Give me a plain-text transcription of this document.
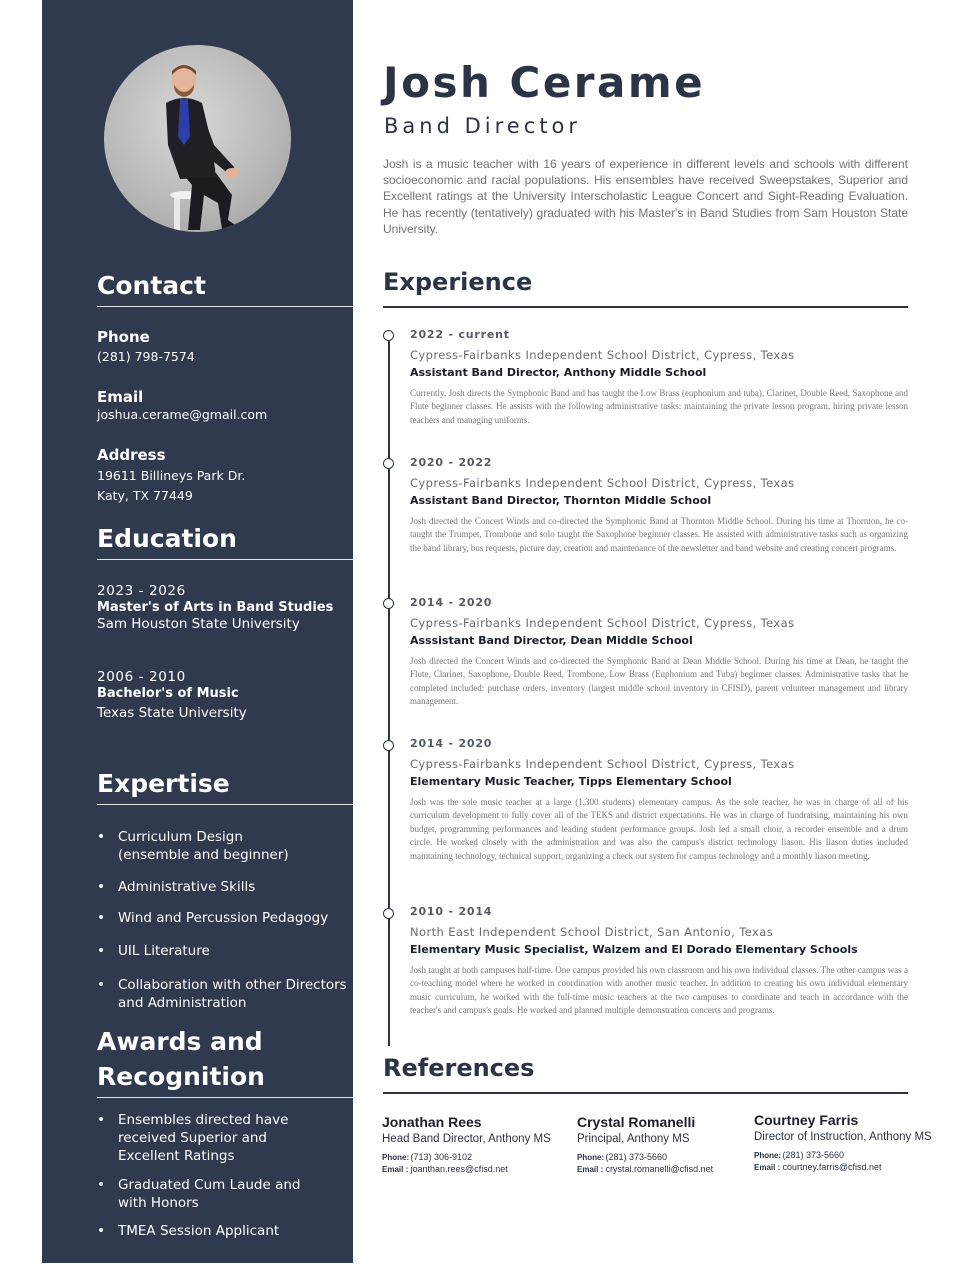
Contact
Phone
(281) 798-7574
Email
joshua.cerame@gmail.com
Address
19611 Billineys Park Dr.
Katy, TX 77449
Education
2023 - 2026
Master's of Arts in Band Studies
Sam Houston State University
2006 - 2010
Bachelor's of Music
Texas State University
Expertise
• Curriculum Design (ensemble and beginner)
• Administrative Skills
• Wind and Percussion Pedagogy
• UIL Literature
• Collaboration with other Directors and Administration
Awards and
Recognition
• Ensembles directed have received Superior and Excellent Ratings
• Graduated Cum Laude and with Honors
• TMEA Session Applicant
Josh Cerame
Band Director
Josh is a music teacher with 16 years of experience in different levels and schools with different socioeconomic and racial populations. His ensembles have received Sweepstakes, Superior and Excellent ratings at the University Interscholastic League Concert and Sight-Reading Evaluation. He has recently (tentatively) graduated with his Master's in Band Studies from Sam Houston State University.
Experience
2022 - current
Cypress-Fairbanks Independent School District, Cypress, Texas
Assistant Band Director, Anthony Middle School
Currently, Josh directs the Symphonic Band and has taught the Low Brass (euphonium and tuba), Clarinet, Double Reed, Saxophone and Flute beginner classes. He assists with the following administrative tasks: maintaining the private lesson program, hiring private lesson teachers and managing uniforms.
2020 - 2022
Cypress-Fairbanks Independent School District, Cypress, Texas
Assistant Band Director, Thornton Middle School
Josh directed the Concert Winds and co-directed the Symphonic Band at Thornton Middle School. During his time at Thornton, he co-taught the Trumpet, Trombone and solo taught the Saxophone beginner classes. He assisted with administrative tasks such as organizing the band library, bus requests, picture day, creation and maintenance of the newsletter and band website and creating concert programs.
2014 - 2020
Cypress-Fairbanks Independent School District, Cypress, Texas
Asssistant Band Director, Dean Middle School
Josh directed the Concert Winds and co-directed the Symphonic Band at Dean Middle School. During his time at Dean, he taught the Flute, Clarinet, Saxophone, Double Reed, Trombone, Low Brass (Euphonium and Tuba) beginner classes. Administrative tasks that he completed included: purchase orders, inventory (largest middle school inventory in CFISD), parent volunteer management and library management.
2014 - 2020
Cypress-Fairbanks Independent School District, Cypress, Texas
Elementary Music Teacher, Tipps Elementary School
Josh was the sole music teacher at a large (1,300 students) elementary campus. As the sole teacher, he was in charge of all of his curriculum development to fully cover all of the TEKS and district expectations. He was in charge of fundraising, maintaining his own budget, programming performances and leading student performance groups. Josh led a small choir, a recorder ensemble and a drum circle. He worked closely with the administration and was also the campus's district technology liason. His liason duties included maintaining technology, technical support, organizing a check out system for campus technology and a monthly liason meeting.
2010 - 2014
North East Independent School District, San Antonio, Texas
Elementary Music Specialist, Walzem and El Dorado Elementary Schools
Josh taught at both campuses half-time. One campus provided his own classroom and his own individual classes. The other campus was a co-teaching model where he worked in coordination with another music teacher. In addition to creating his own individual elementary music curriculum, he worked with the full-time music teachers at the two campuses to coordinate and teach in accordance with the teacher's and campus's goals. He worked and planned multiple demonstration concerts and programs.
References
Jonathan Rees
Head Band Director, Anthony MS
Phone: (713) 306-9102
Email : joanthan.rees@cfisd.net
Crystal Romanelli
Principal, Anthony MS
Phone: (281) 373-5660
Email : crystal.romanelli@cfisd.net
Courtney Farris
Director of Instruction, Anthony MS
Phone: (281) 373-5660
Email : courtney.farris@cfisd.net
